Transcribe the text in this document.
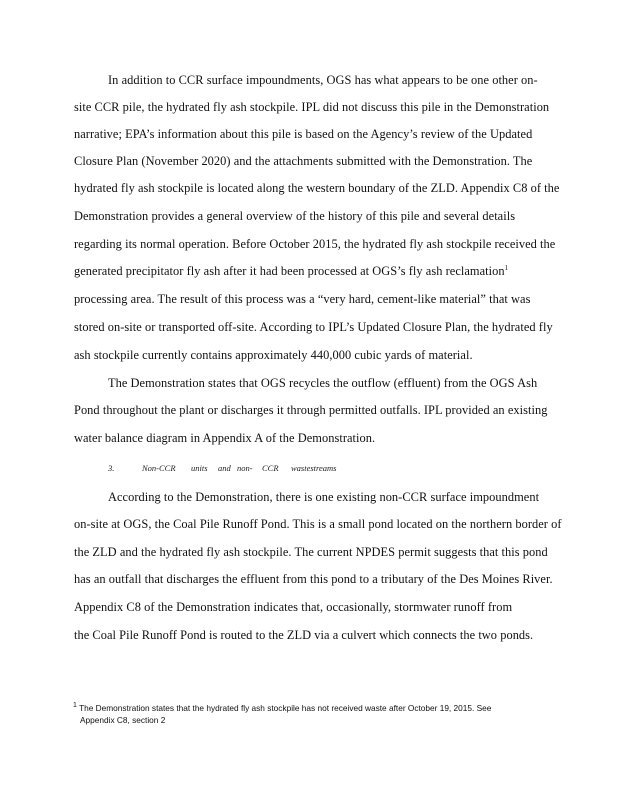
In addition to CCR surface impoundments, OGS has what appears to be one other on-
site CCR pile, the hydrated fly ash stockpile. IPL did not discuss this pile in the Demonstration
narrative; EPA’s information about this pile is based on the Agency’s review of the Updated
Closure Plan (November 2020) and the attachments submitted with the Demonstration. The
hydrated fly ash stockpile is located along the western boundary of the ZLD. Appendix C8 of the
Demonstration provides a general overview of the history of this pile and several details
regarding its normal operation. Before October 2015, the hydrated fly ash stockpile received the
generated precipitator fly ash after it had been processed at OGS’s fly ash reclamation$^1$
processing area. The result of this process was a “very hard, cement-like material” that was
stored on-site or transported off-site. According to IPL’s Updated Closure Plan, the hydrated fly
ash stockpile currently contains approximately 440,000 cubic yards of material.
The Demonstration states that OGS recycles the outflow (effluent) from the OGS Ash
Pond throughout the plant or discharges it through permitted outfalls. IPL provided an existing
water balance diagram in Appendix A of the Demonstration.
3.	Non-CCR units and non- CCR wastestreams
According to the Demonstration, there is one existing non-CCR surface impoundment
on-site at OGS, the Coal Pile Runoff Pond. This is a small pond located on the northern border of
the ZLD and the hydrated fly ash stockpile. The current NPDES permit suggests that this pond
has an outfall that discharges the effluent from this pond to a tributary of the Des Moines River.
Appendix C8 of the Demonstration indicates that, occasionally, stormwater runoff from
the Coal Pile Runoff Pond is routed to the ZLD via a culvert which connects the two ponds.
$^1$ The Demonstration states that the hydrated fly ash stockpile has not received waste after October 19, 2015. See
Appendix C8, section 2
